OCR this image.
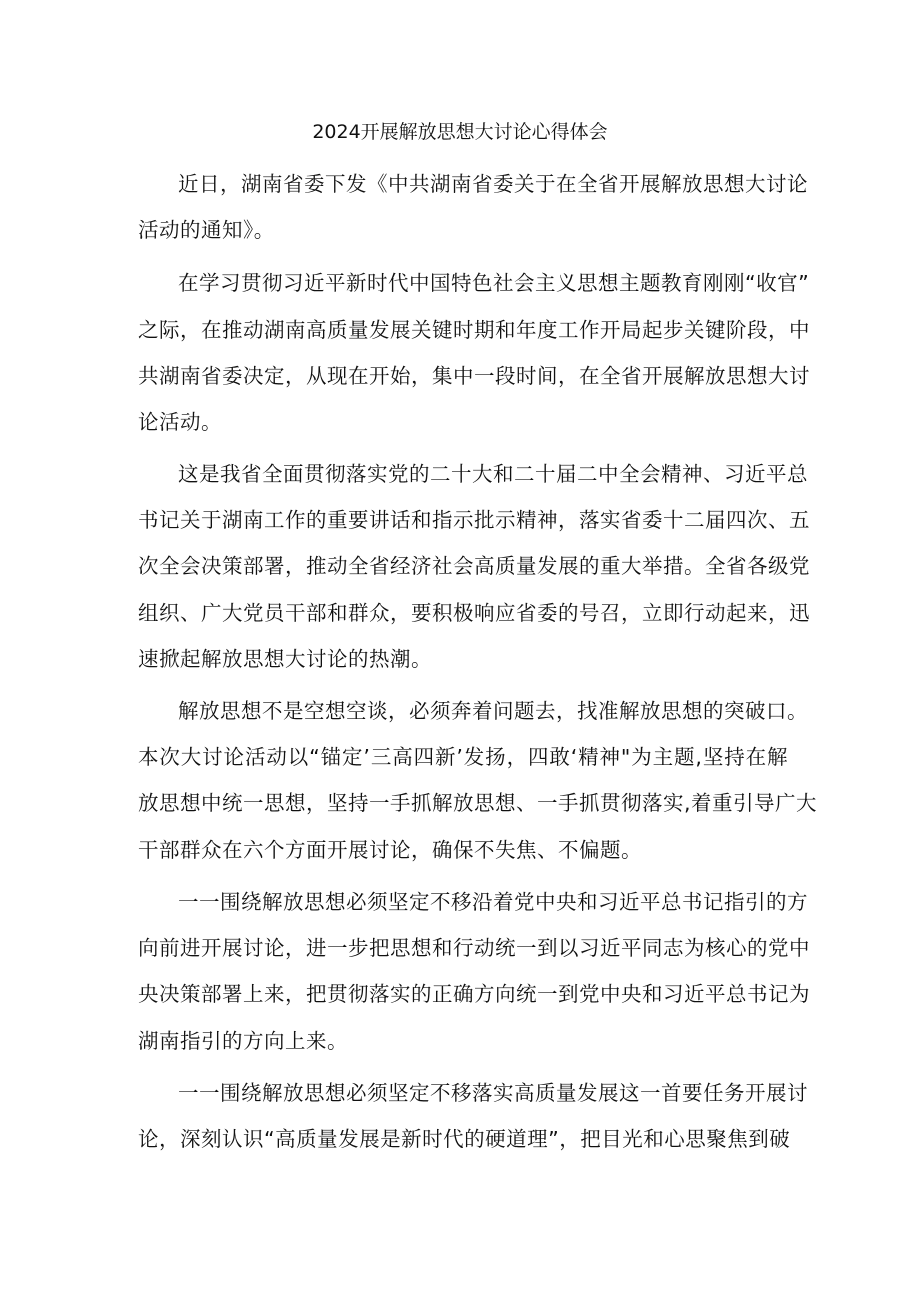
2024开展解放思想大讨论心得体会
近日，湖南省委下发《中共湖南省委关于在全省开展解放思想大讨论
活动的通知》。
在学习贯彻习近平新时代中国特色社会主义思想主题教育刚刚“收官”
之际，在推动湖南高质量发展关键时期和年度工作开局起步关键阶段，中
共湖南省委决定，从现在开始，集中一段时间，在全省开展解放思想大讨
论活动。
这是我省全面贯彻落实党的二十大和二十届二中全会精神、习近平总
书记关于湖南工作的重要讲话和指示批示精神，落实省委十二届四次、五
次全会决策部署，推动全省经济社会高质量发展的重大举措。全省各级党
组织、广大党员干部和群众，要积极响应省委的号召，立即行动起来，迅
速掀起解放思想大讨论的热潮。
解放思想不是空想空谈，必须奔着问题去，找准解放思想的突破口。
本次大讨论活动以“锚定’三高四新’发扬，四敢‘精神"为主题,坚持在解
放思想中统一思想，坚持一手抓解放思想、一手抓贯彻落实,着重引导广大
干部群众在六个方面开展讨论，确保不失焦、不偏题。
一一围绕解放思想必须坚定不移沿着党中央和习近平总书记指引的方
向前进开展讨论，进一步把思想和行动统一到以习近平同志为核心的党中
央决策部署上来，把贯彻落实的正确方向统一到党中央和习近平总书记为
湖南指引的方向上来。
一一围绕解放思想必须坚定不移落实高质量发展这一首要任务开展讨
论，深刻认识“高质量发展是新时代的硬道理”，把目光和心思聚焦到破
